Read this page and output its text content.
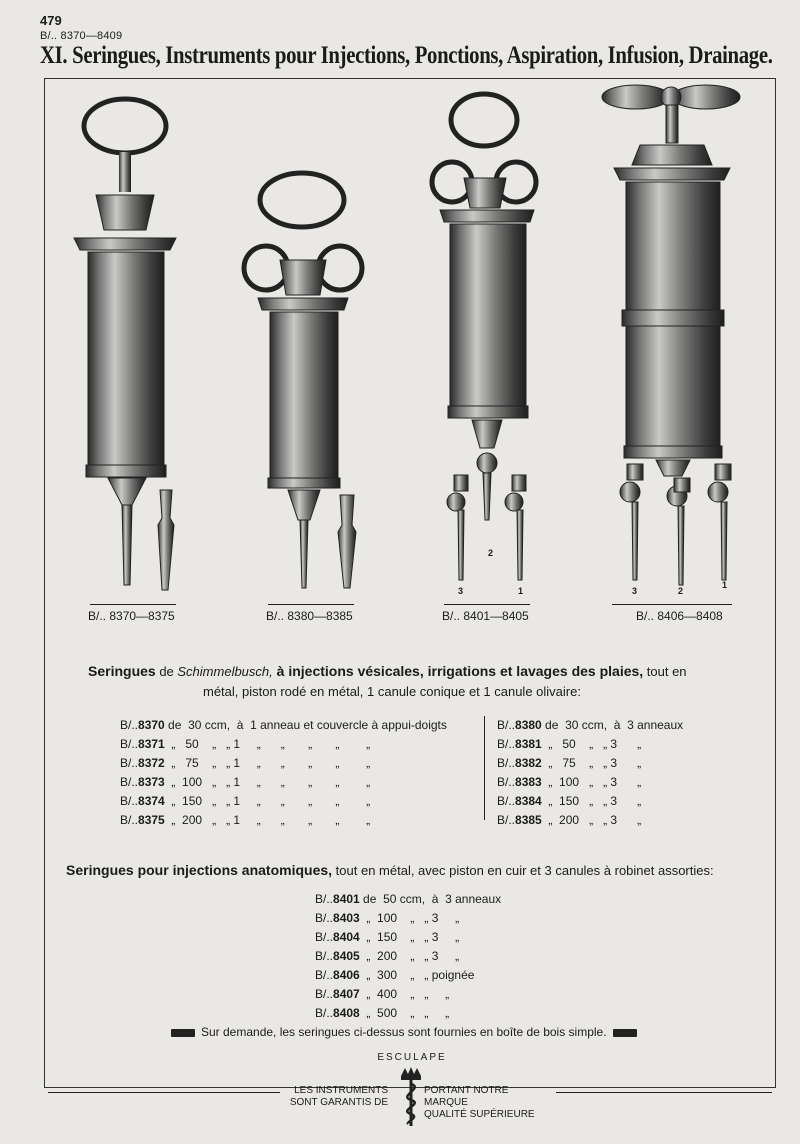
479
B/.. 8370—8409
XI. Seringues, Instruments pour Injections, Ponctions, Aspiration, Infusion, Drainage.
3
2
1	3	2
1
B/.. 8370—8375	B/.. 8380—8385	B/.. 8401—8405	B/.. 8406—8408
Seringues de Schimmelbusch, à injections vésicales, irrigations et lavages des plaies, tout en
métal, piston rodé en métal, 1 canule conique et 1 canule olivaire:
B/..8370 de  30 ccm,  à  1 anneau et couvercle à appui-doigts
B/..8371  „   50    „   „ 1     „      „       „       „        „
B/..8372  „   75    „   „ 1     „      „       „       „        „
B/..8373  „  100   „   „ 1     „      „       „       „        „
B/..8374  „  150   „   „ 1     „      „       „       „        „
B/..8375  „  200   „   „ 1     „      „       „       „        „
B/..8380 de  30 ccm,  à  3 anneaux
B/..8381  „   50    „   „ 3      „
B/..8382  „   75    „   „ 3      „
B/..8383  „  100   „   „ 3      „
B/..8384  „  150   „   „ 3      „
B/..8385  „  200   „   „ 3      „
Seringues pour injections anatomiques, tout en métal, avec piston en cuir et 3 canules à robinet assorties:
B/..8401 de  50 ccm,  à  3 anneaux
B/..8403  „  100    „   „ 3     „
B/..8404  „  150    „   „ 3     „
B/..8405  „  200    „   „ 3     „
B/..8406  „  300    „   „ poignée
B/..8407  „  400    „   „     „
B/..8408  „  500    „   „     „
Sur demande, les seringues ci-dessus sont fournies en boîte de bois simple.
ESCULAPE
LES INSTRUMENTS
SONT GARANTIS DE
PORTANT NOTRE MARQUE
QUALITÉ SUPÉRIEURE
